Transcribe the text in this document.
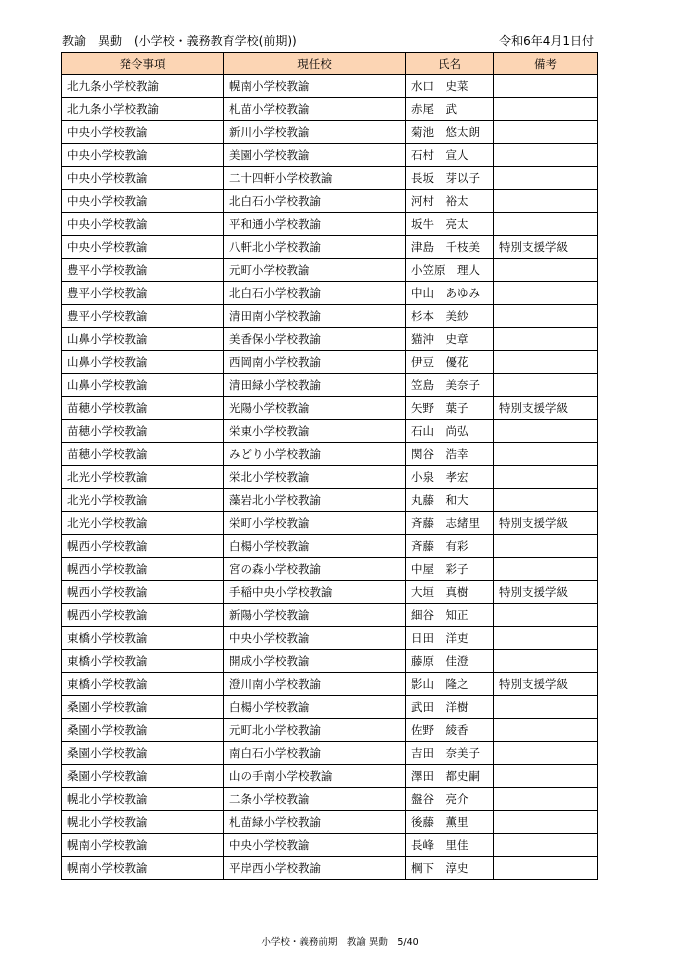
教諭　異動　(小学校・義務教育学校(前期))	令和6年4月1日付
発令事項	現任校	氏名	備考
北九条小学校教諭	幌南小学校教諭	水口　史菜	
北九条小学校教諭	札苗小学校教諭	赤尾　武	
中央小学校教諭	新川小学校教諭	菊池　悠太朗	
中央小学校教諭	美園小学校教諭	石村　宣人	
中央小学校教諭	二十四軒小学校教諭	長坂　芽以子	
中央小学校教諭	北白石小学校教諭	河村　裕太	
中央小学校教諭	平和通小学校教諭	坂牛　亮太	
中央小学校教諭	八軒北小学校教諭	津島　千枝美	特別支援学級
豊平小学校教諭	元町小学校教諭	小笠原　理人	
豊平小学校教諭	北白石小学校教諭	中山　あゆみ	
豊平小学校教諭	清田南小学校教諭	杉本　美紗	
山鼻小学校教諭	美香保小学校教諭	猫沖　史章	
山鼻小学校教諭	西岡南小学校教諭	伊豆　優花	
山鼻小学校教諭	清田緑小学校教諭	笠島　美奈子	
苗穂小学校教諭	光陽小学校教諭	矢野　葉子	特別支援学級
苗穂小学校教諭	栄東小学校教諭	石山　尚弘	
苗穂小学校教諭	みどり小学校教諭	関谷　浩幸	
北光小学校教諭	栄北小学校教諭	小泉　孝宏	
北光小学校教諭	藻岩北小学校教諭	丸藤　和大	
北光小学校教諭	栄町小学校教諭	斉藤　志緒里	特別支援学級
幌西小学校教諭	白楊小学校教諭	斉藤　有彩	
幌西小学校教諭	宮の森小学校教諭	中屋　彩子	
幌西小学校教諭	手稲中央小学校教諭	大垣　真樹	特別支援学級
幌西小学校教諭	新陽小学校教諭	細谷　知正	
東橋小学校教諭	中央小学校教諭	日田　洋吏	
東橋小学校教諭	開成小学校教諭	藤原　佳澄	
東橋小学校教諭	澄川南小学校教諭	影山　隆之	特別支援学級
桑園小学校教諭	白楊小学校教諭	武田　洋樹	
桑園小学校教諭	元町北小学校教諭	佐野　綾香	
桑園小学校教諭	南白石小学校教諭	吉田　奈美子	
桑園小学校教諭	山の手南小学校教諭	澤田　都史嗣	
幌北小学校教諭	二条小学校教諭	盤谷　亮介	
幌北小学校教諭	札苗緑小学校教諭	後藤　薫里	
幌南小学校教諭	中央小学校教諭	長峰　里佳	
幌南小学校教諭	平岸西小学校教諭	棡下　淳史	
小学校・義務前期　教諭 異動　5/40
